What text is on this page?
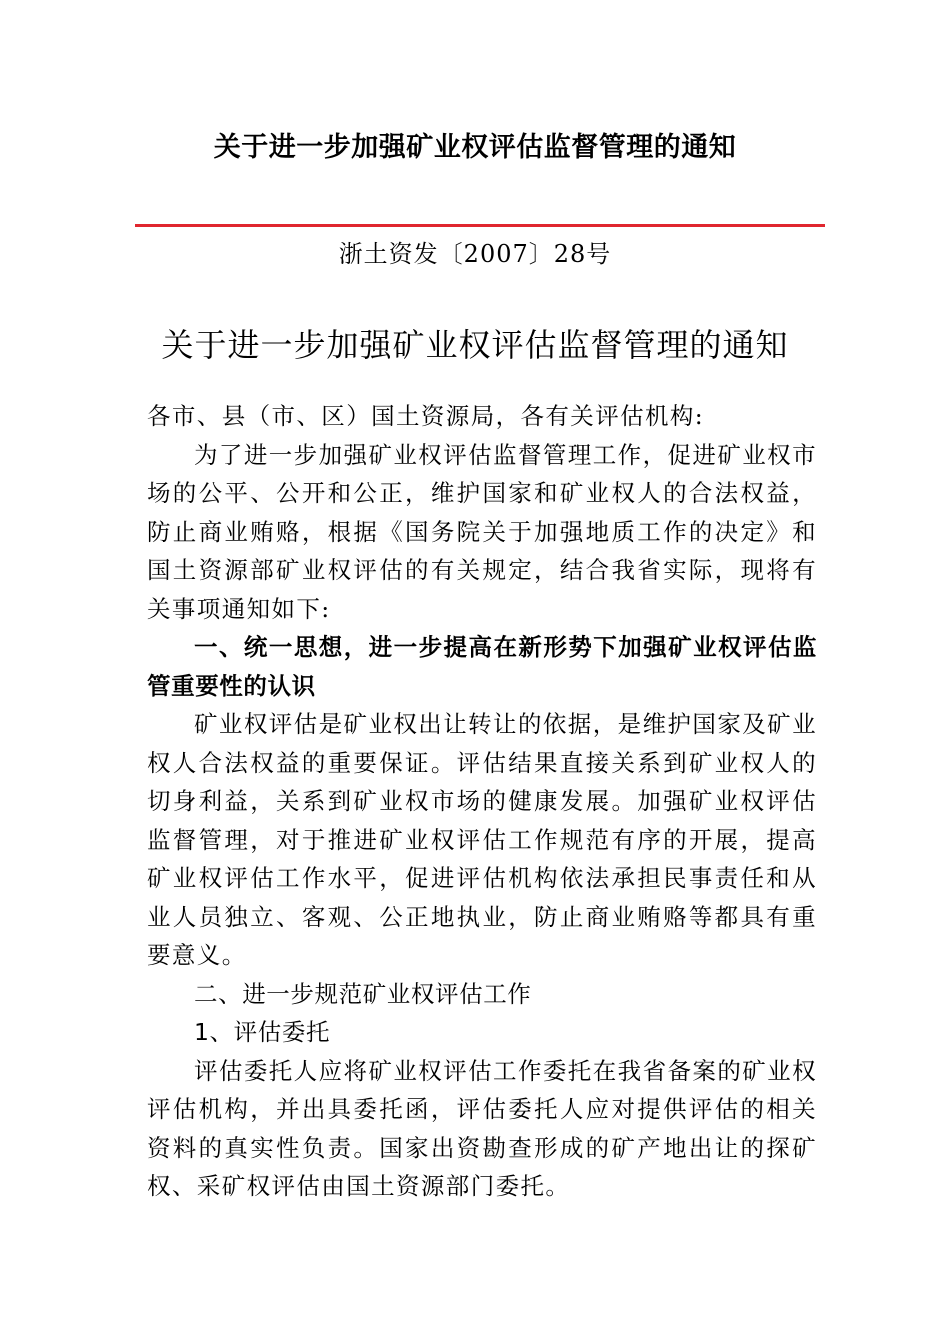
关于进一步加强矿业权评估监督管理的通知
浙土资发〔2007〕28号
关于进一步加强矿业权评估监督管理的通知

各市、县（市、区）国土资源局，各有关评估机构:

为了进一步加强矿业权评估监督管理工作，促进矿业权市场的公平、公开和公正，维护国家和矿业权人的合法权益，防止商业贿赂，根据《国务院关于加强地质工作的决定》和国土资源部矿业权评估的有关规定，结合我省实际，现将有关事项通知如下:

一、统一思想，进一步提高在新形势下加强矿业权评估监管重要性的认识

矿业权评估是矿业权出让转让的依据，是维护国家及矿业权人合法权益的重要保证。评估结果直接关系到矿业权人的切身利益，关系到矿业权市场的健康发展。加强矿业权评估监督管理，对于推进矿业权评估工作规范有序的开展，提高矿业权评估工作水平，促进评估机构依法承担民事责任和从业人员独立、客观、公正地执业，防止商业贿赂等都具有重要意义。

二、进一步规范矿业权评估工作

1、评估委托

评估委托人应将矿业权评估工作委托在我省备案的矿业权评估机构，并出具委托函，评估委托人应对提供评估的相关资料的真实性负责。国家出资勘查形成的矿产地出让的探矿权、采矿权评估由国土资源部门委托。
